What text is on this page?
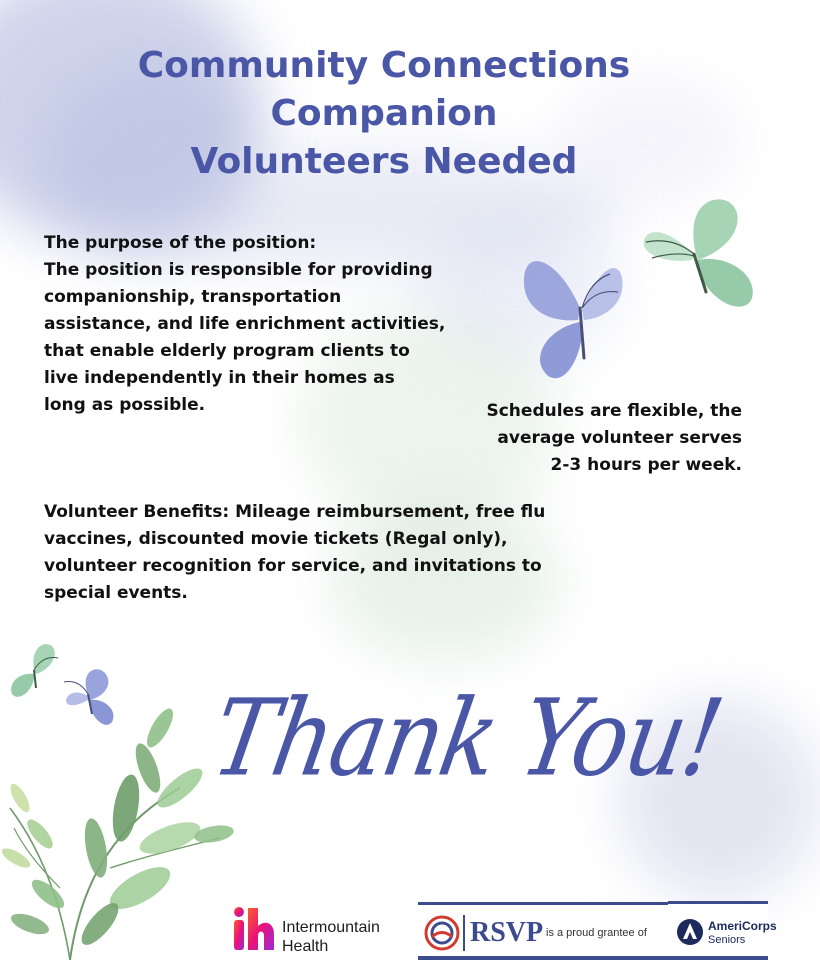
Community Connections
Companion
Volunteers Needed
The purpose of the position:
The position is responsible for providing
companionship, transportation
assistance, and life enrichment activities,
that enable elderly program clients to
live independently in their homes as
long as possible.	Schedules are flexible, the
average volunteer serves
2-3 hours per week.
Volunteer Benefits: Mileage reimbursement, free flu
vaccines, discounted movie tickets (Regal only),
volunteer recognition for service, and invitations to
special events.
Thank You!
Intermountain
Health	RSVP is a proud grantee of	AmeriCorps
Seniors
